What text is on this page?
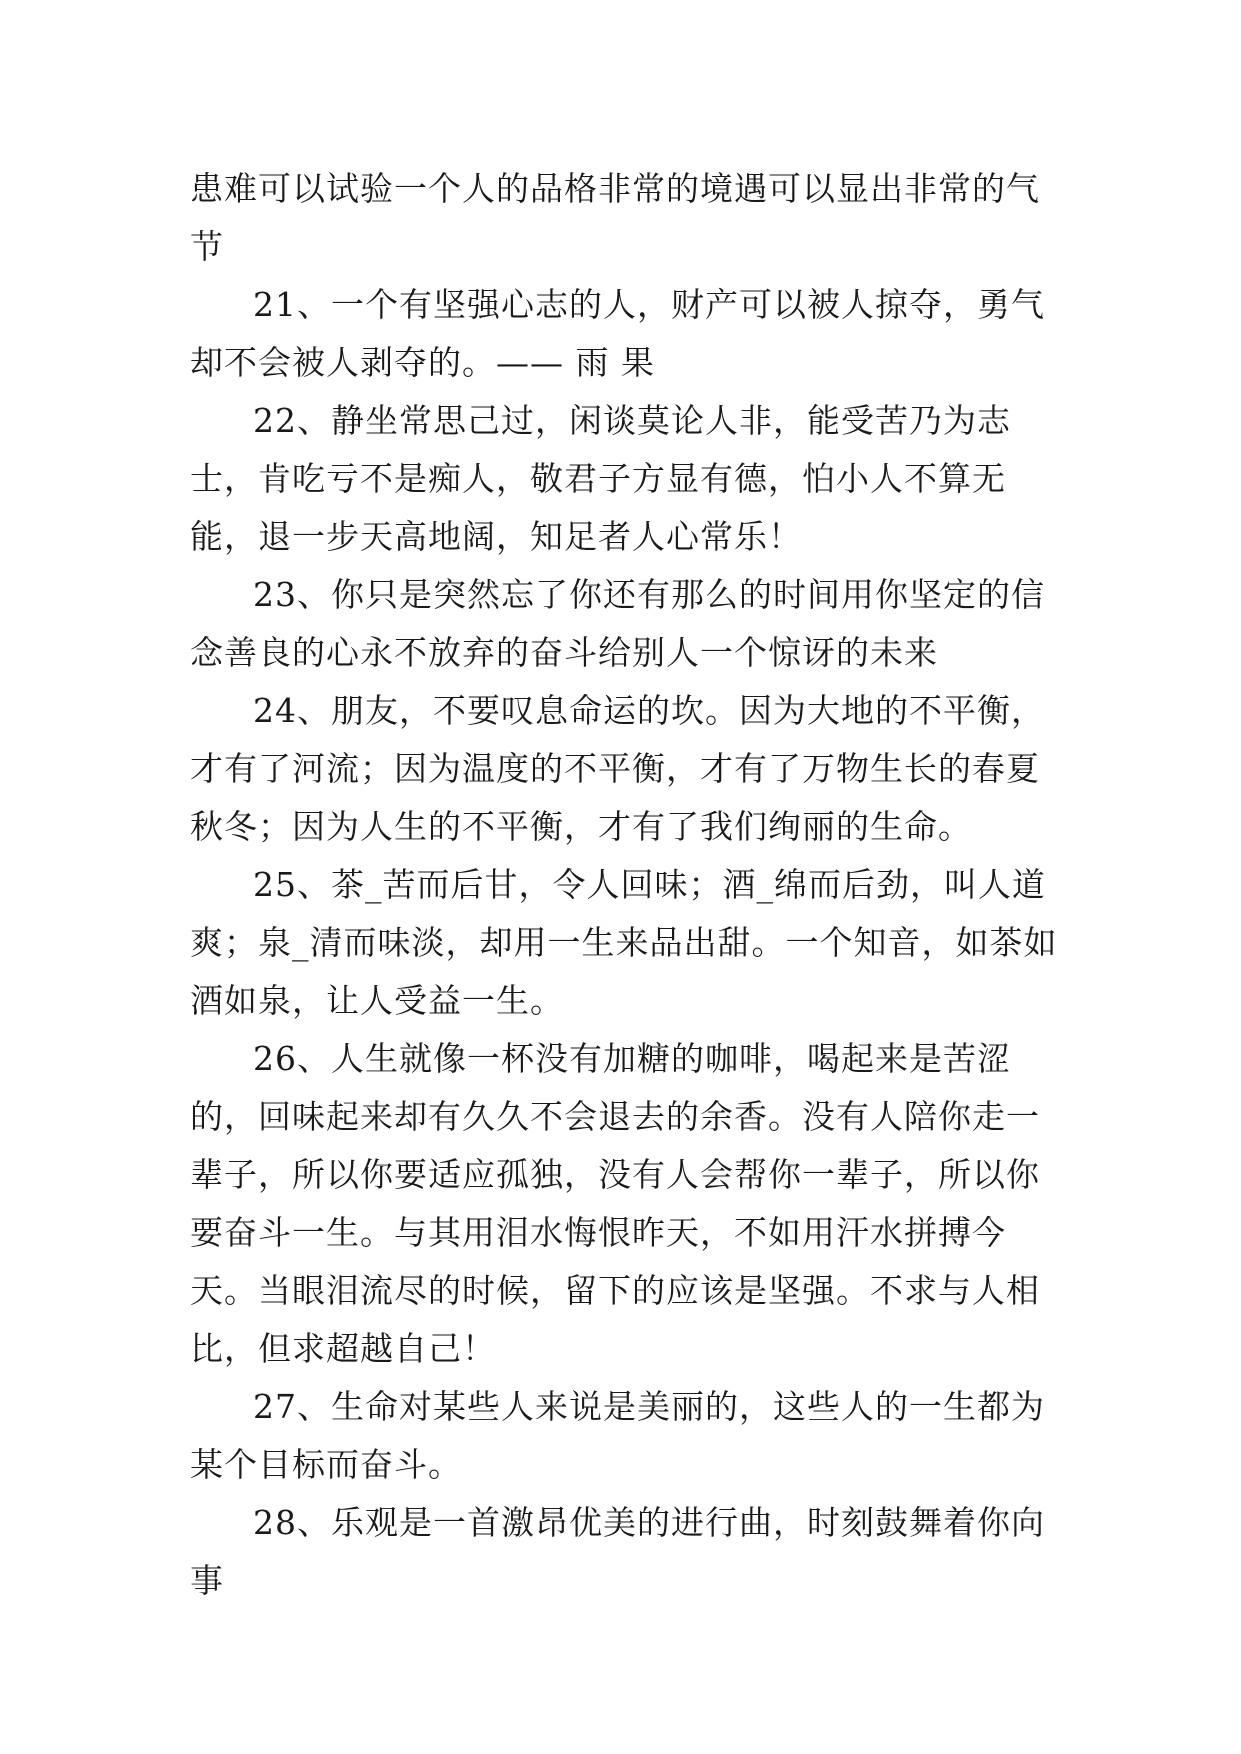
患难可以试验一个人的品格非常的境遇可以显出非常的气节

21、一个有坚强心志的人，财产可以被人掠夺，勇气却不会被人剥夺的。—— 雨 果

22、静坐常思己过，闲谈莫论人非，能受苦乃为志士，肯吃亏不是痴人，敬君子方显有德，怕小人不算无能，退一步天高地阔，知足者人心常乐！

23、你只是突然忘了你还有那么的时间用你坚定的信念善良的心永不放弃的奋斗给别人一个惊讶的未来

24、朋友，不要叹息命运的坎。因为大地的不平衡，才有了河流；因为温度的不平衡，才有了万物生长的春夏秋冬；因为人生的不平衡，才有了我们绚丽的生命。

25、茶_苦而后甘，令人回味；酒_绵而后劲，叫人道爽；泉_清而味淡，却用一生来品出甜。一个知音，如茶如酒如泉，让人受益一生。

26、人生就像一杯没有加糖的咖啡，喝起来是苦涩的，回味起来却有久久不会退去的余香。没有人陪你走一辈子，所以你要适应孤独，没有人会帮你一辈子，所以你要奋斗一生。与其用泪水悔恨昨天，不如用汗水拼搏今天。当眼泪流尽的时候，留下的应该是坚强。不求与人相比，但求超越自己！

27、生命对某些人来说是美丽的，这些人的一生都为某个目标而奋斗。

28、乐观是一首激昂优美的进行曲，时刻鼓舞着你向事
